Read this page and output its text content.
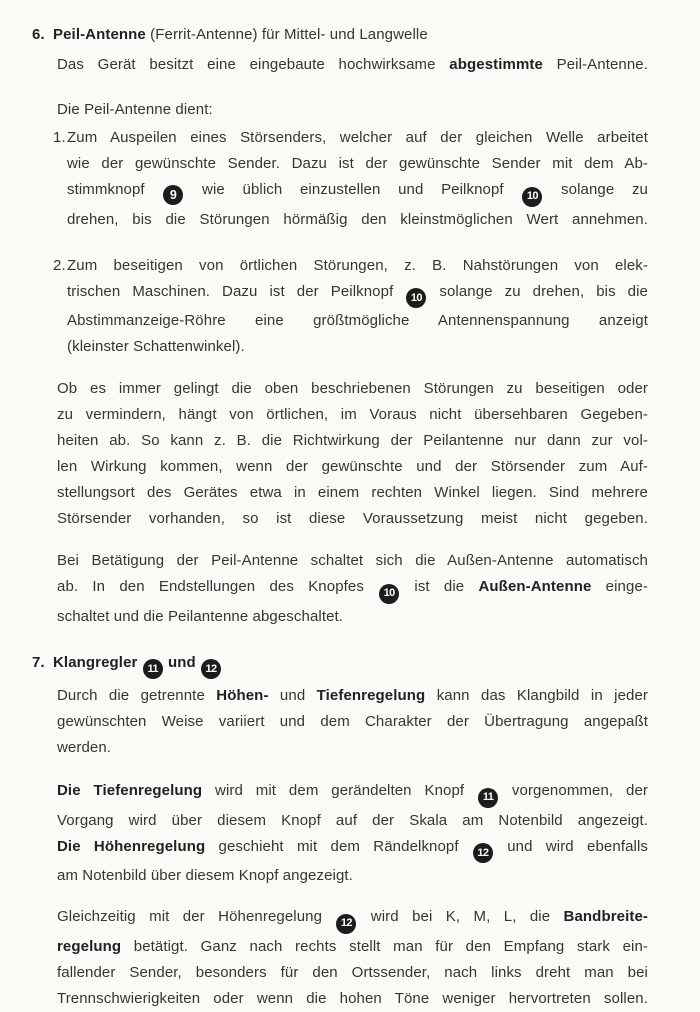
6. Peil-Antenne (Ferrit-Antenne) für Mittel- und Langwelle
Das Gerät besitzt eine eingebaute hochwirksame abgestimmte Peil-Antenne.
Die Peil-Antenne dient:
1. Zum Auspeilen eines Störsenders, welcher auf der gleichen Welle arbeitet
wie der gewünschte Sender. Dazu ist der gewünschte Sender mit dem Ab-
stimmknopf 9 wie üblich einzustellen und Peilknopf 10 solange zu
drehen, bis die Störungen hörmäßig den kleinstmöglichen Wert annehmen.
2. Zum beseitigen von örtlichen Störungen, z. B. Nahstörungen von elek-
trischen Maschinen. Dazu ist der Peilknopf 10 solange zu drehen, bis die
Abstimmanzeige-Röhre eine größtmögliche Antennenspannung anzeigt
(kleinster Schattenwinkel).
Ob es immer gelingt die oben beschriebenen Störungen zu beseitigen oder
zu vermindern, hängt von örtlichen, im Voraus nicht übersehbaren Gegeben-
heiten ab. So kann z. B. die Richtwirkung der Peilantenne nur dann zur vol-
len Wirkung kommen, wenn der gewünschte und der Störsender zum Auf-
stellungsort des Gerätes etwa in einem rechten Winkel liegen. Sind mehrere
Störsender vorhanden, so ist diese Voraussetzung meist nicht gegeben.
Bei Betätigung der Peil-Antenne schaltet sich die Außen-Antenne automatisch
ab. In den Endstellungen des Knopfes 10 ist die Außen-Antenne einge-
schaltet und die Peilantenne abgeschaltet.
7. Klangregler 11 und 12
Durch die getrennte Höhen- und Tiefenregelung kann das Klangbild in jeder
gewünschten Weise variiert und dem Charakter der Übertragung angepaßt
werden.
Die Tiefenregelung wird mit dem gerändelten Knopf 11 vorgenommen, der
Vorgang wird über diesem Knopf auf der Skala am Notenbild angezeigt.
Die Höhenregelung geschieht mit dem Rändelknopf 12 und wird ebenfalls
am Notenbild über diesem Knopf angezeigt.
Gleichzeitig mit der Höhenregelung 12 wird bei K, M, L, die Bandbreite-
regelung betätigt. Ganz nach rechts stellt man für den Empfang stark ein-
fallender Sender, besonders für den Ortssender, nach links dreht man bei
Trennschwierigkeiten oder wenn die hohen Töne weniger hervortreten sollen.
